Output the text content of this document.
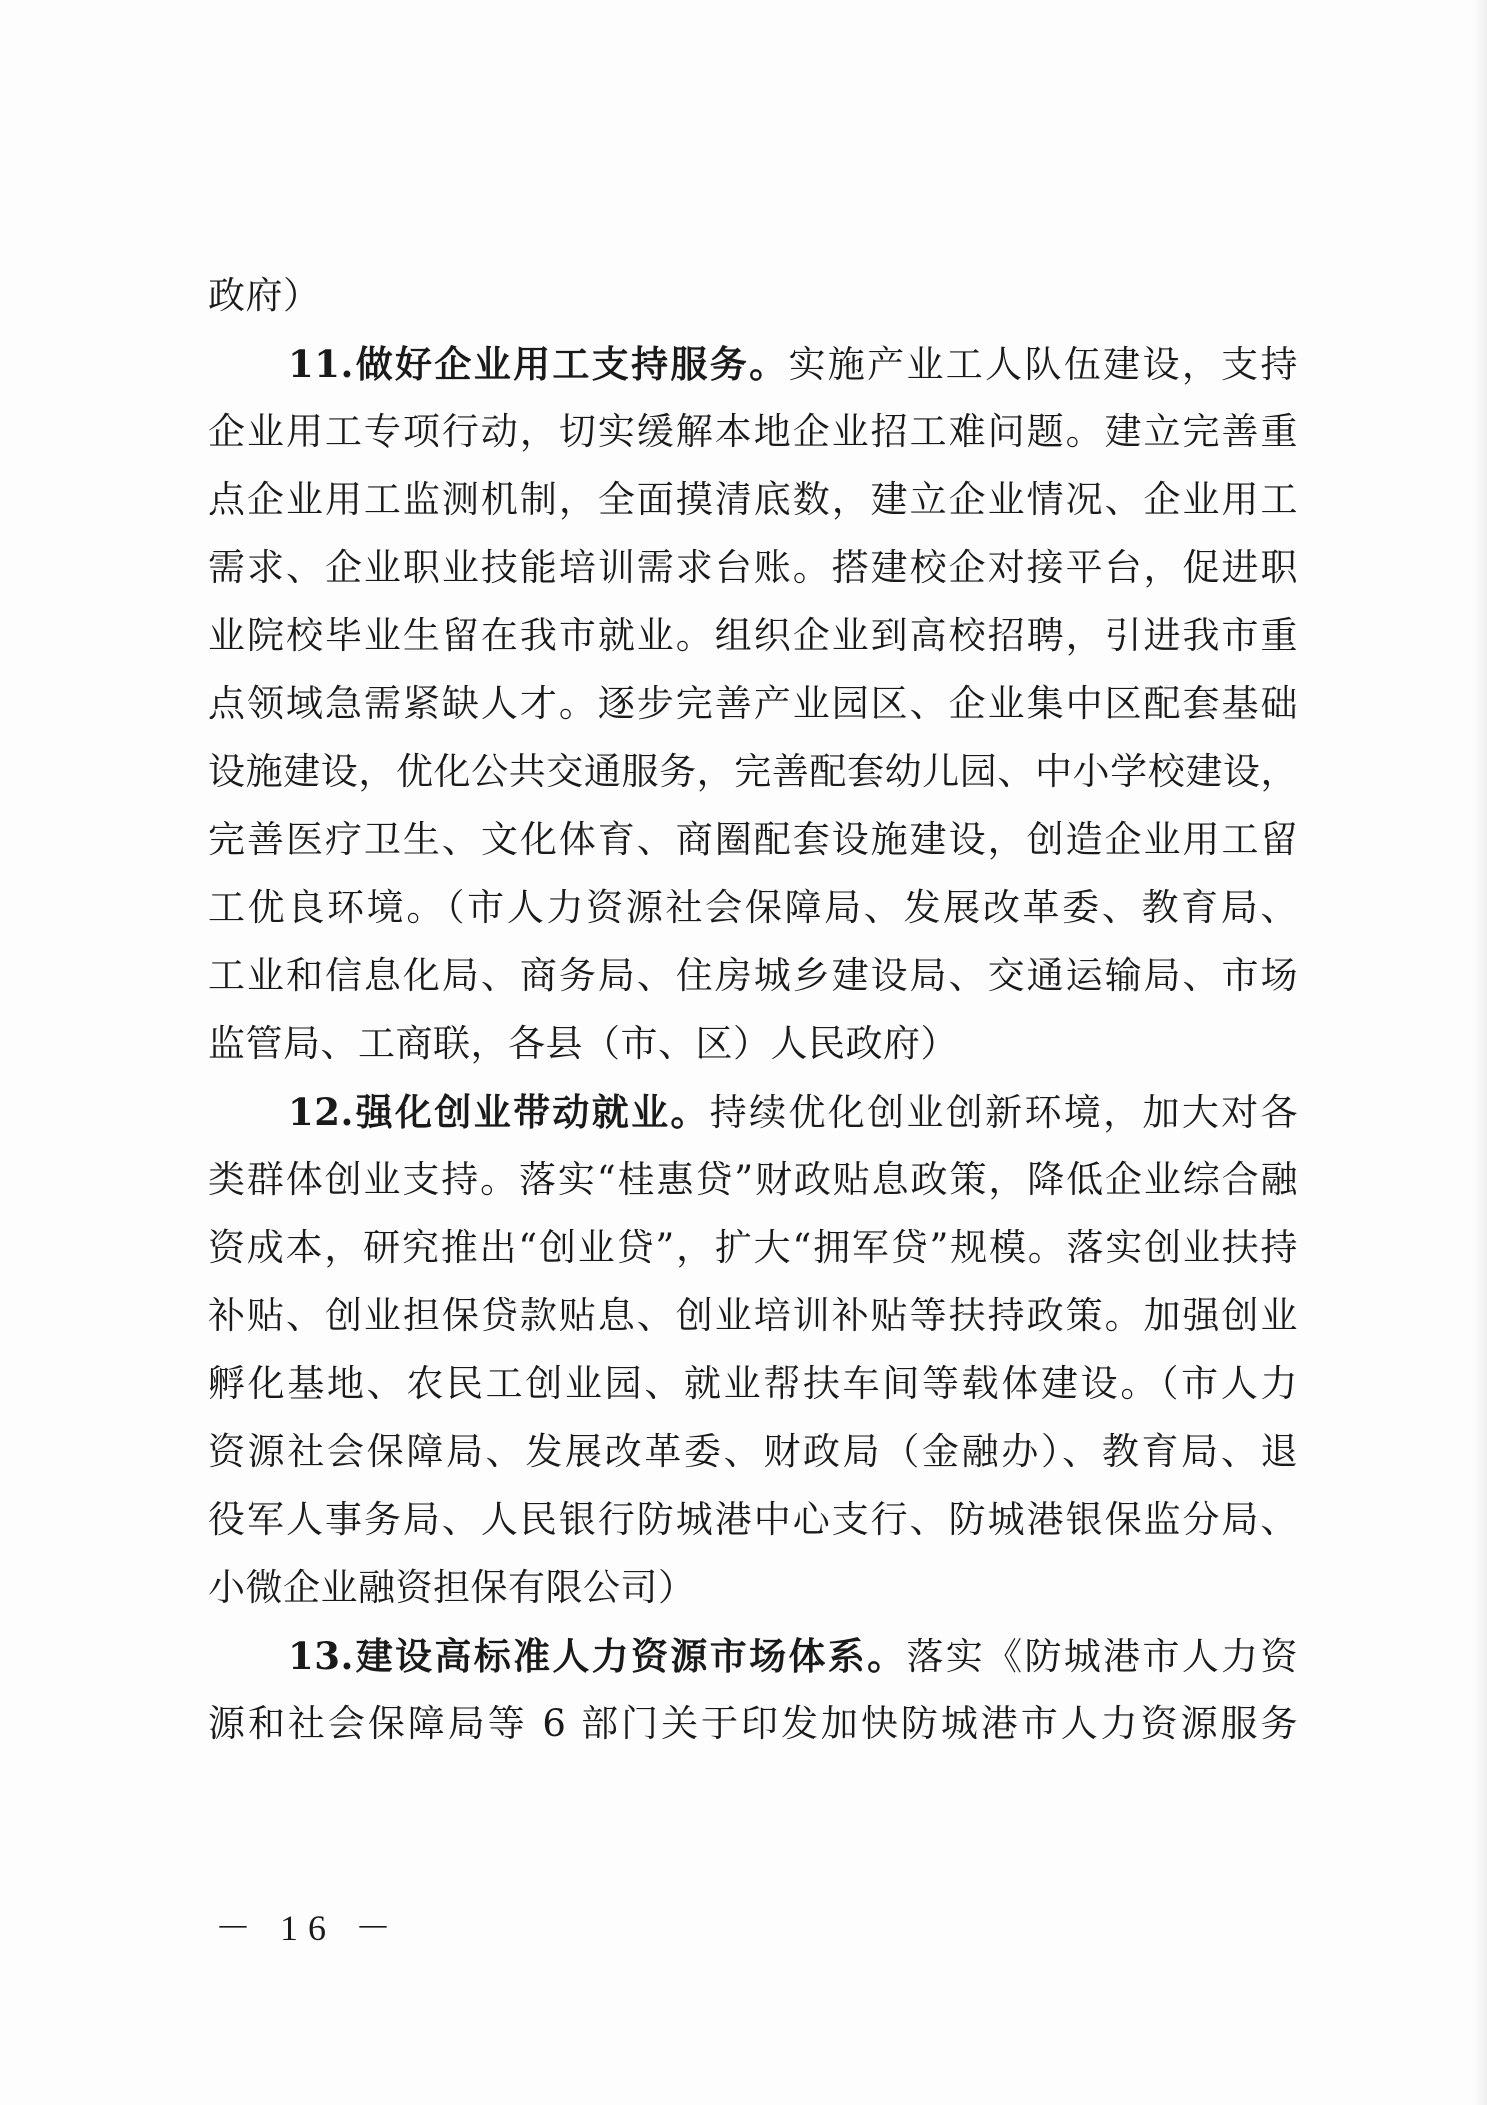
政府）
11.做好企业用工支持服务。实施产业工人队伍建设，支持
企业用工专项行动，切实缓解本地企业招工难问题。建立完善重
点企业用工监测机制，全面摸清底数，建立企业情况、企业用工
需求、企业职业技能培训需求台账。搭建校企对接平台，促进职
业院校毕业生留在我市就业。组织企业到高校招聘，引进我市重
点领域急需紧缺人才。逐步完善产业园区、企业集中区配套基础
设施建设，优化公共交通服务，完善配套幼儿园、中小学校建设，
完善医疗卫生、文化体育、商圈配套设施建设，创造企业用工留
工优良环境。（市人力资源社会保障局、发展改革委、教育局、
工业和信息化局、商务局、住房城乡建设局、交通运输局、市场
监管局、工商联，各县（市、区）人民政府）
12.强化创业带动就业。持续优化创业创新环境，加大对各
类群体创业支持。落实“桂惠贷”财政贴息政策，降低企业综合融
资成本，研究推出“创业贷”，扩大“拥军贷”规模。落实创业扶持
补贴、创业担保贷款贴息、创业培训补贴等扶持政策。加强创业
孵化基地、农民工创业园、就业帮扶车间等载体建设。（市人力
资源社会保障局、发展改革委、财政局（金融办）、教育局、退
役军人事务局、人民银行防城港中心支行、防城港银保监分局、
小微企业融资担保有限公司）
13.建设高标准人力资源市场体系。落实《防城港市人力资
源和社会保障局等 6 部门关于印发加快防城港市人力资源服务
－ 16 －
